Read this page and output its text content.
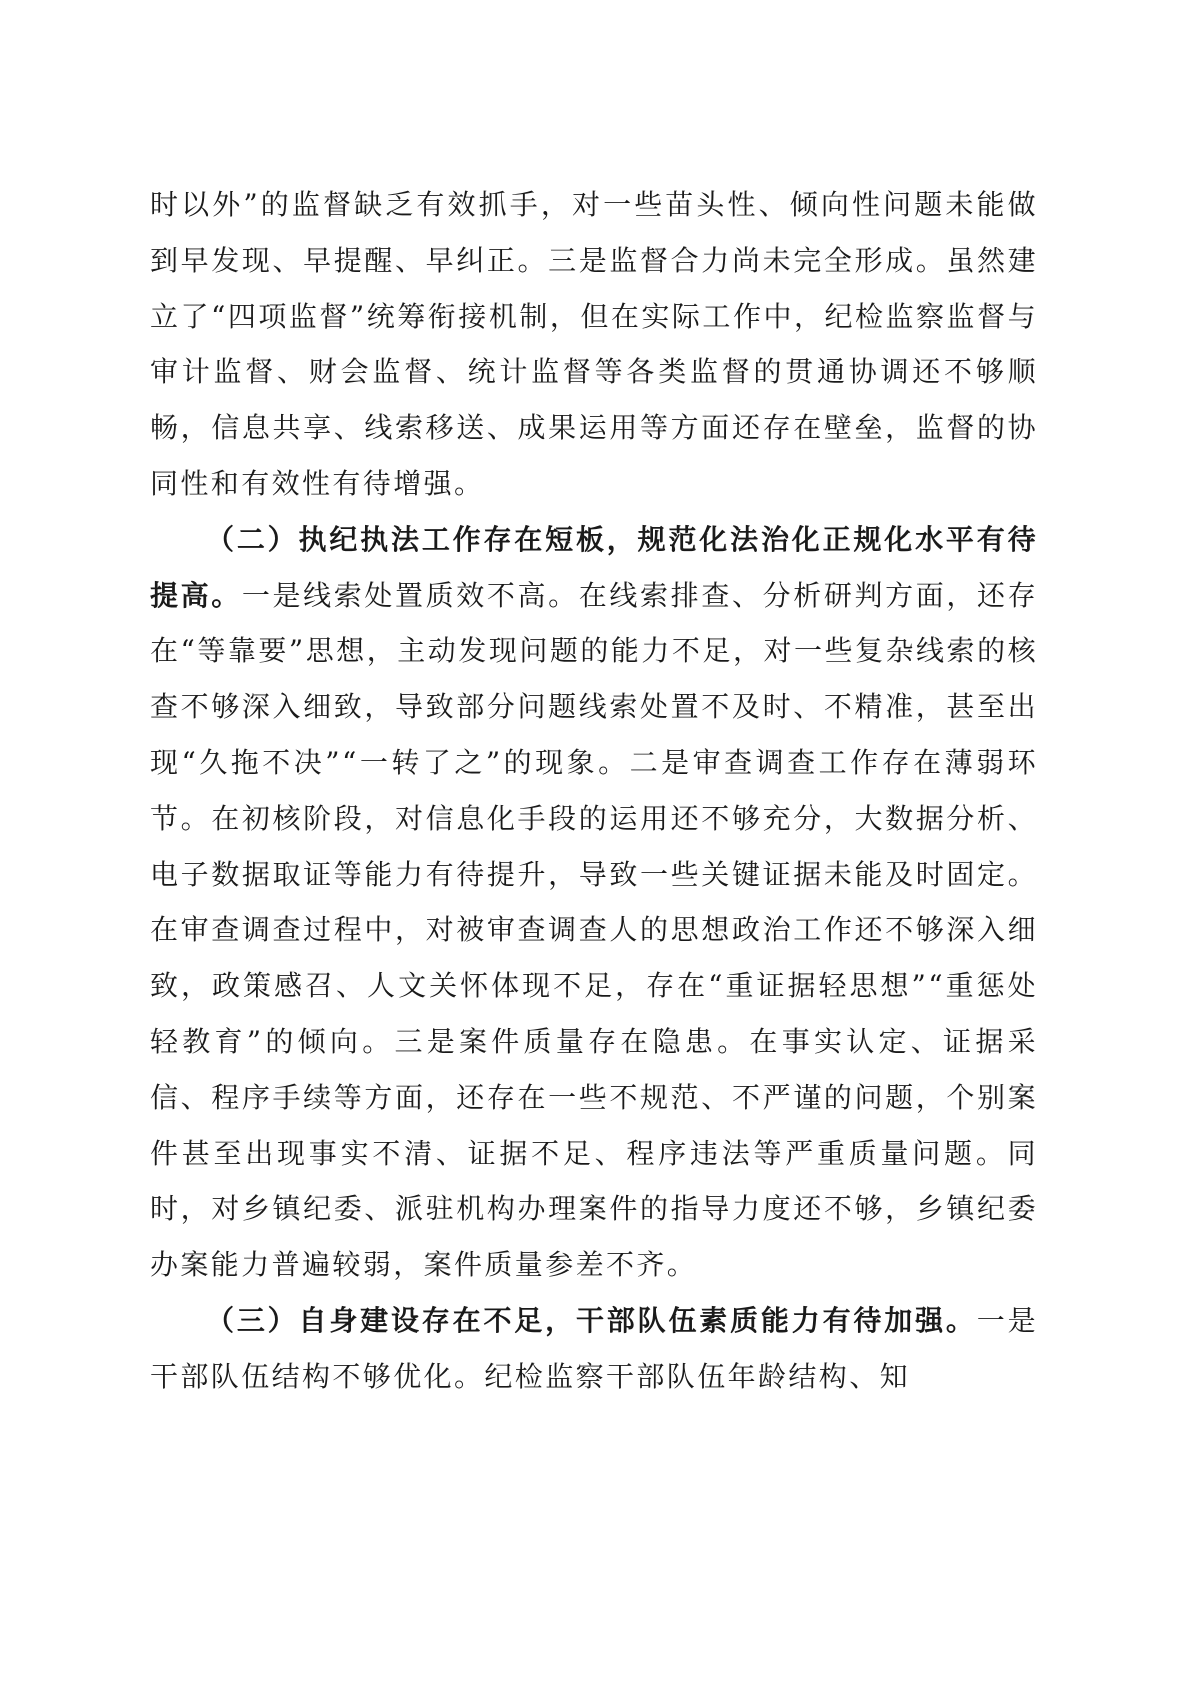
时以外”的监督缺乏有效抓手，对一些苗头性、倾向性问题未能做到早发现、早提醒、早纠正。三是监督合力尚未完全形成。虽然建立了“四项监督”统筹衔接机制，但在实际工作中，纪检监察监督与审计监督、财会监督、统计监督等各类监督的贯通协调还不够顺畅，信息共享、线索移送、成果运用等方面还存在壁垒，监督的协同性和有效性有待增强。

（二）执纪执法工作存在短板，规范化法治化正规化水平有待提高。一是线索处置质效不高。在线索排查、分析研判方面，还存在“等靠要”思想，主动发现问题的能力不足，对一些复杂线索的核查不够深入细致，导致部分问题线索处置不及时、不精准，甚至出现“久拖不决”“一转了之”的现象。二是审查调查工作存在薄弱环节。在初核阶段，对信息化手段的运用还不够充分，大数据分析、电子数据取证等能力有待提升，导致一些关键证据未能及时固定。在审查调查过程中，对被审查调查人的思想政治工作还不够深入细致，政策感召、人文关怀体现不足，存在“重证据轻思想”“重惩处轻教育”的倾向。三是案件质量存在隐患。在事实认定、证据采信、程序手续等方面，还存在一些不规范、不严谨的问题，个别案件甚至出现事实不清、证据不足、程序违法等严重质量问题。同时，对乡镇纪委、派驻机构办理案件的指导力度还不够，乡镇纪委办案能力普遍较弱，案件质量参差不齐。

（三）自身建设存在不足，干部队伍素质能力有待加强。一是干部队伍结构不够优化。纪检监察干部队伍年龄结构、知
